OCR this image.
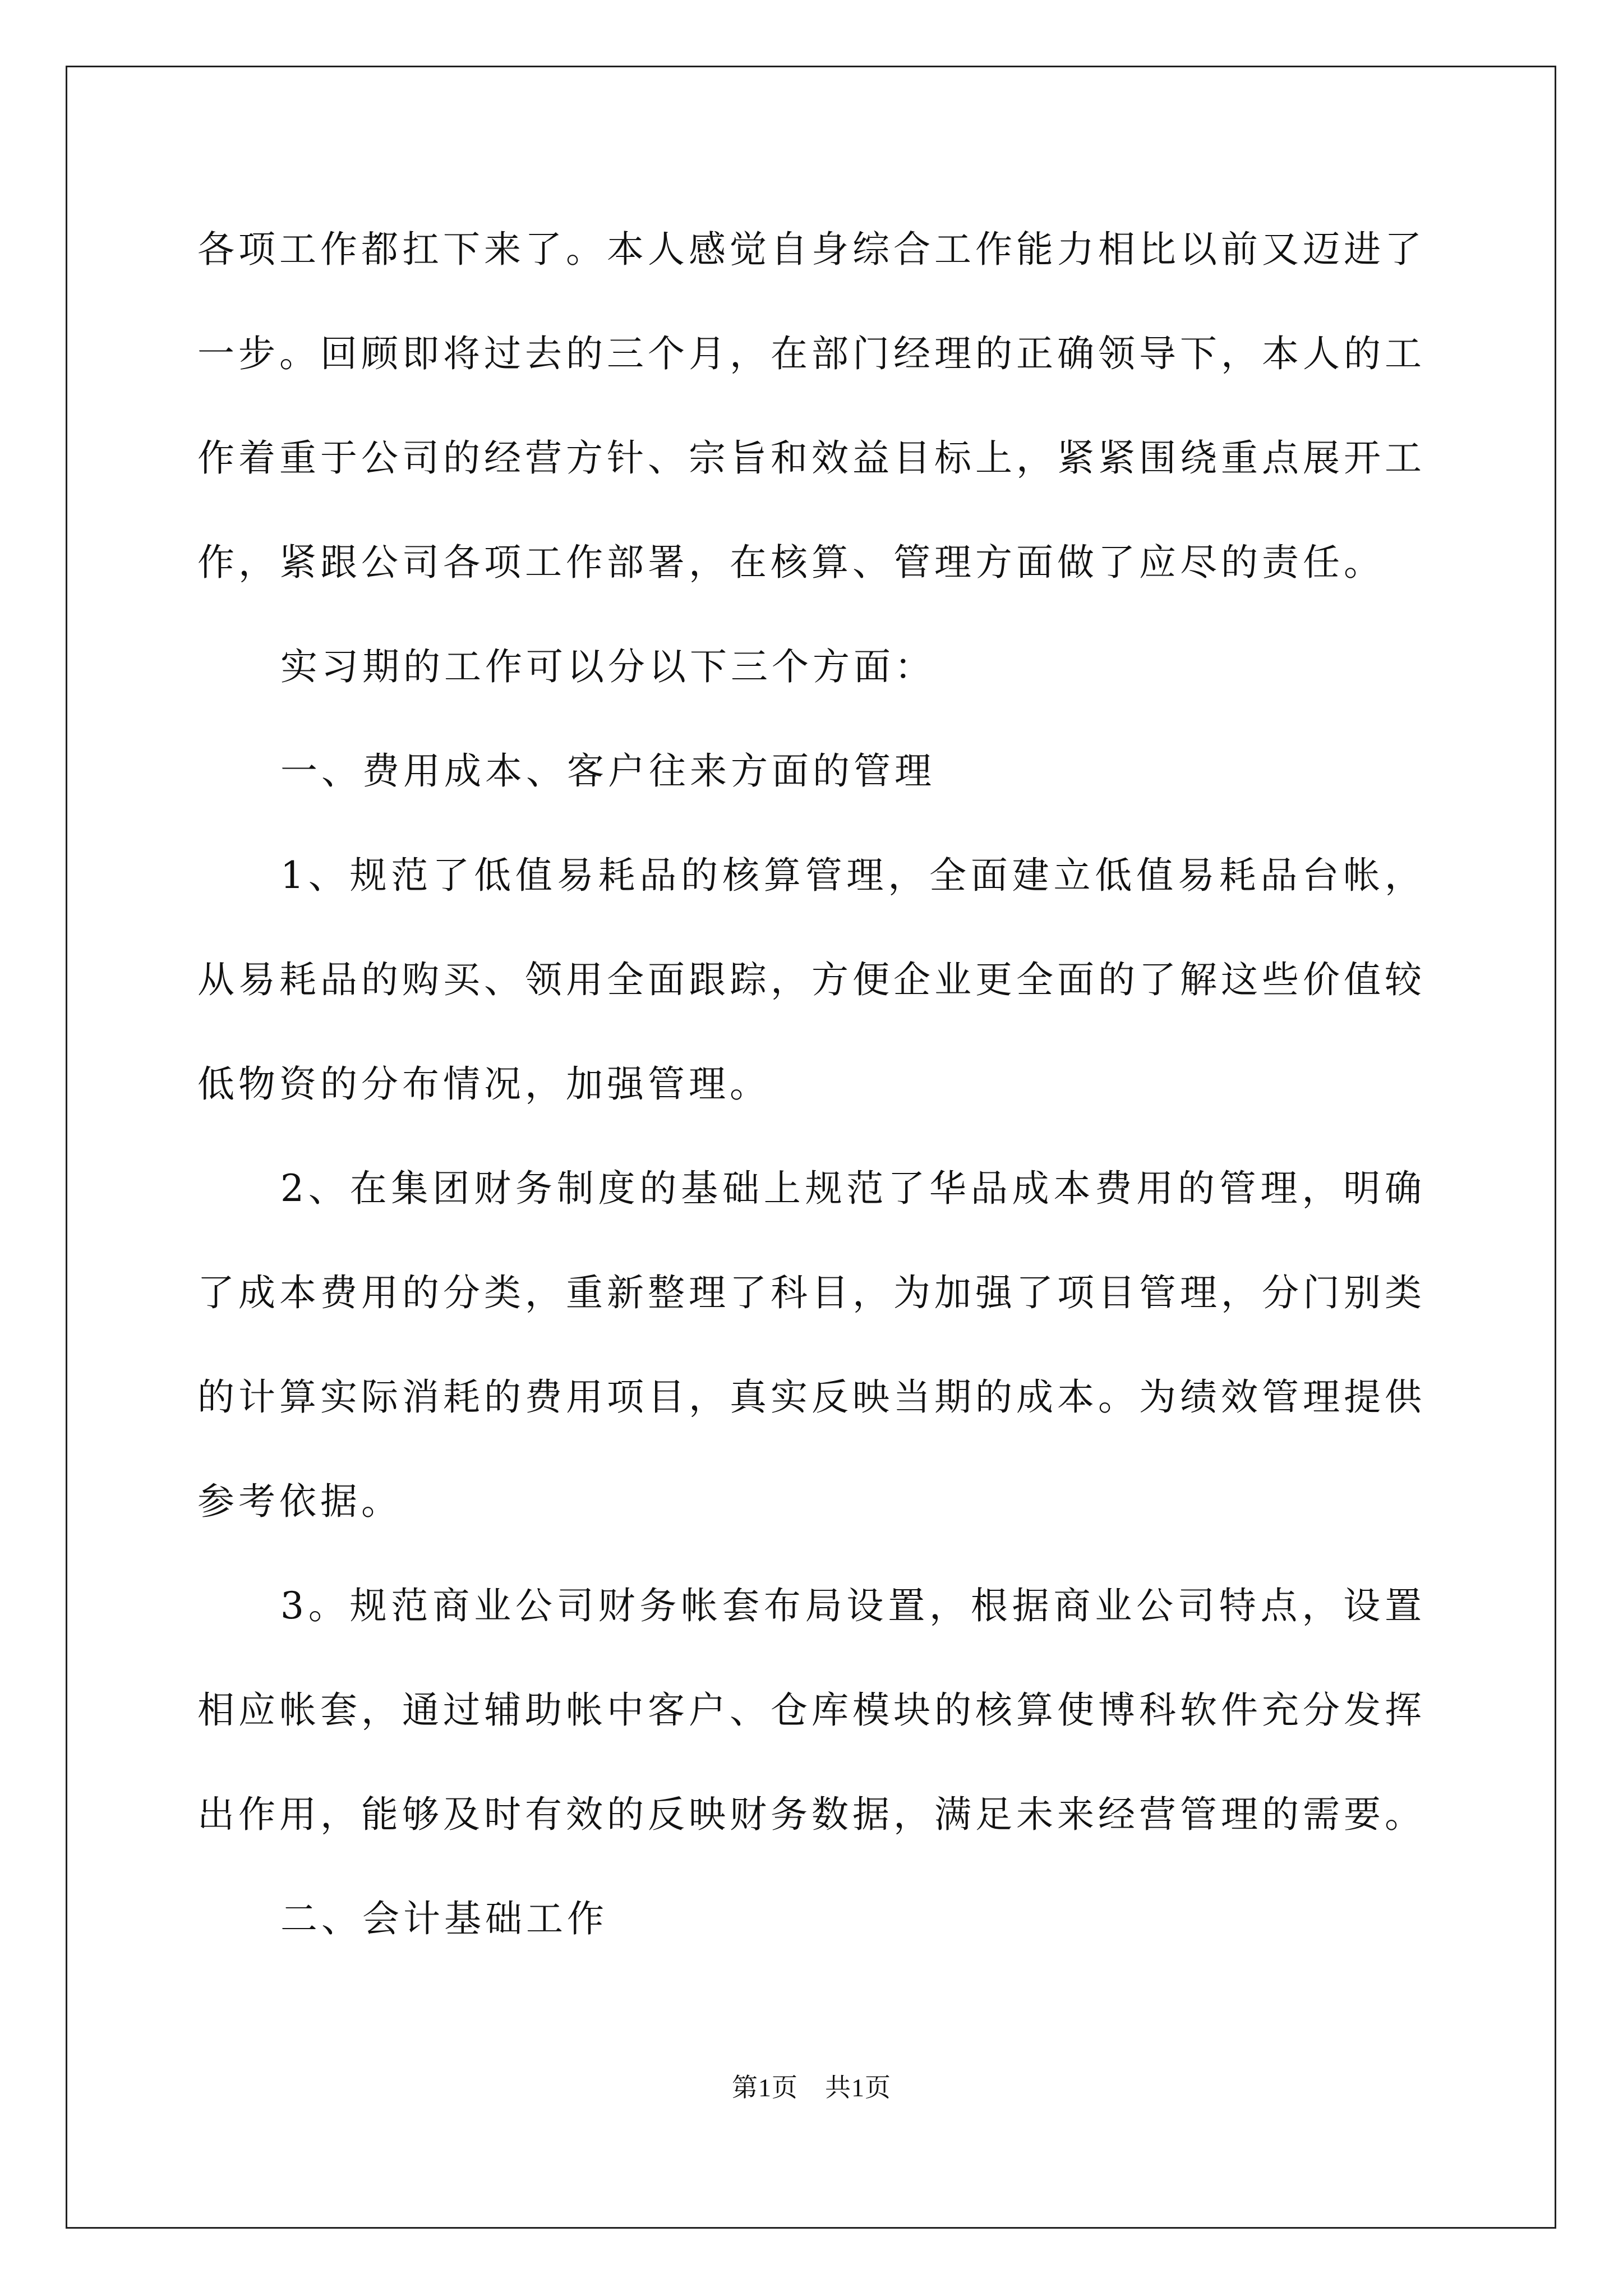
各项工作都扛下来了。本人感觉自身综合工作能力相比以前又迈进了一步。回顾即将过去的三个月，在部门经理的正确领导下，本人的工作着重于公司的经营方针、宗旨和效益目标上，紧紧围绕重点展开工作，紧跟公司各项工作部署，在核算、管理方面做了应尽的责任。

实习期的工作可以分以下三个方面：

一、费用成本、客户往来方面的管理

1、规范了低值易耗品的核算管理，全面建立低值易耗品台帐，从易耗品的购买、领用全面跟踪，方便企业更全面的了解这些价值较低物资的分布情况，加强管理。

2、在集团财务制度的基础上规范了华品成本费用的管理，明确了成本费用的分类，重新整理了科目，为加强了项目管理，分门别类的计算实际消耗的费用项目，真实反映当期的成本。为绩效管理提供参考依据。

3。规范商业公司财务帐套布局设置，根据商业公司特点，设置相应帐套，通过辅助帐中客户、仓库模块的核算使博科软件充分发挥出作用，能够及时有效的反映财务数据，满足未来经营管理的需要。

二、会计基础工作

第1页 共1页
